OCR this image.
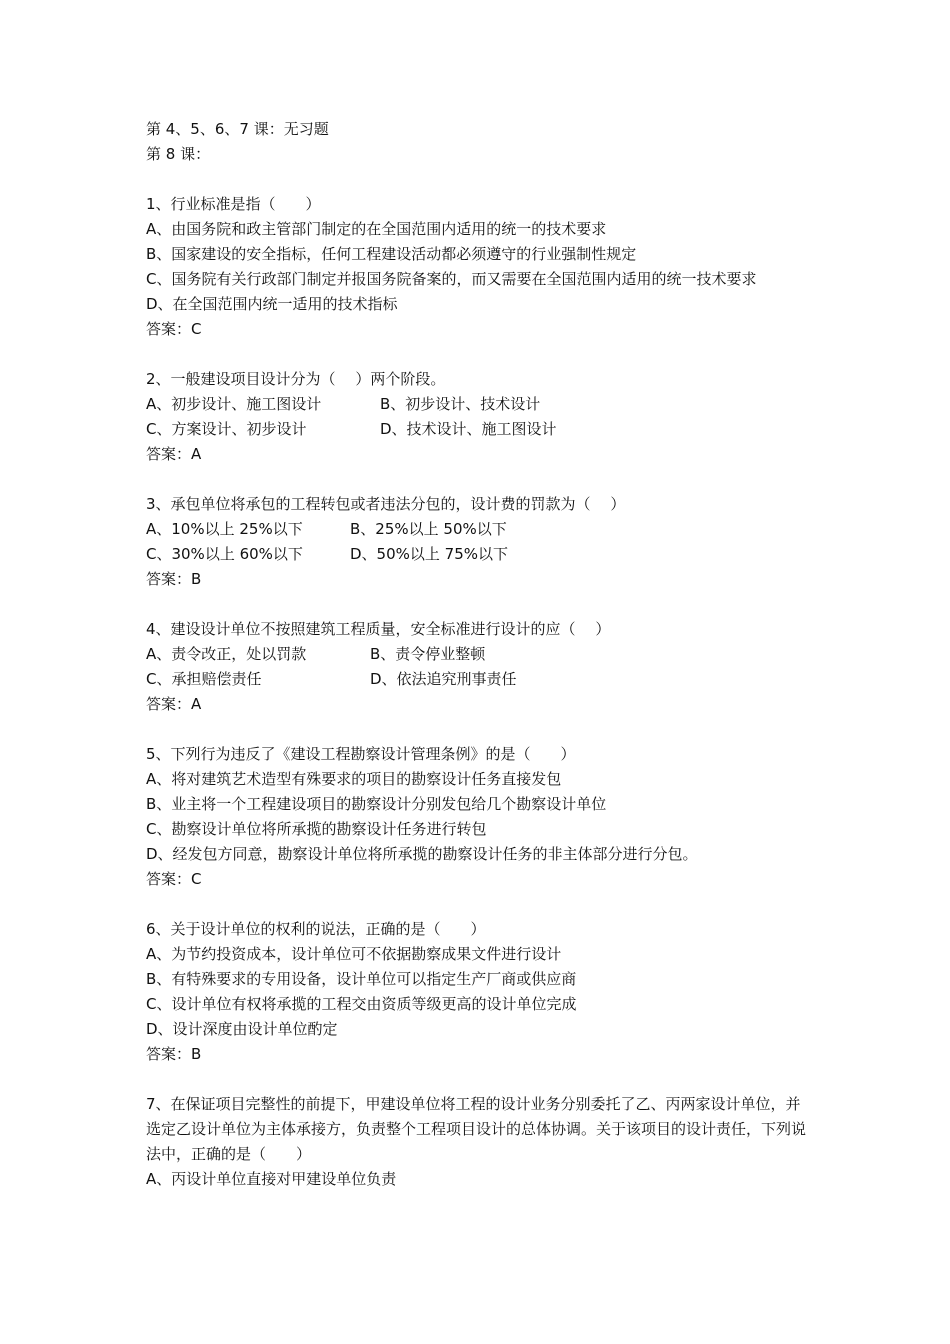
第 4、5、6、7 课：无习题
第 8 课：
1、行业标准是指（　　）
A、由国务院和政主管部门制定的在全国范围内适用的统一的技术要求
B、国家建设的安全指标，任何工程建设活动都必须遵守的行业强制性规定
C、国务院有关行政部门制定并报国务院备案的，而又需要在全国范围内适用的统一技术要求
D、在全国范围内统一适用的技术指标
答案：C
2、一般建设项目设计分为（　 ）两个阶段。
A、初步设计、施工图设计	B、初步设计、技术设计
C、方案设计、初步设计	D、技术设计、施工图设计
答案：A
3、承包单位将承包的工程转包或者违法分包的，设计费的罚款为（　 ）
A、10%以上 25%以下	B、25%以上 50%以下
C、30%以上 60%以下	D、50%以上 75%以下
答案：B
4、建设设计单位不按照建筑工程质量，安全标准进行设计的应（　 ）
A、责令改正，处以罚款	B、责令停业整顿
C、承担赔偿责任	D、依法追究刑事责任
答案：A
5、下列行为违反了《建设工程勘察设计管理条例》的是（　　）
A、将对建筑艺术造型有殊要求的项目的勘察设计任务直接发包
B、业主将一个工程建设项目的勘察设计分别发包给几个勘察设计单位
C、勘察设计单位将所承揽的勘察设计任务进行转包
D、经发包方同意，勘察设计单位将所承揽的勘察设计任务的非主体部分进行分包。
答案：C
6、关于设计单位的权利的说法，正确的是（　　）
A、为节约投资成本，设计单位可不依据勘察成果文件进行设计
B、有特殊要求的专用设备，设计单位可以指定生产厂商或供应商
C、设计单位有权将承揽的工程交由资质等级更高的设计单位完成
D、设计深度由设计单位酌定
答案：B
7、在保证项目完整性的前提下，甲建设单位将工程的设计业务分别委托了乙、丙两家设计单位，并选定乙设计单位为主体承接方，负责整个工程项目设计的总体协调。关于该项目的设计责任，下列说法中，正确的是（　　）
A、丙设计单位直接对甲建设单位负责
